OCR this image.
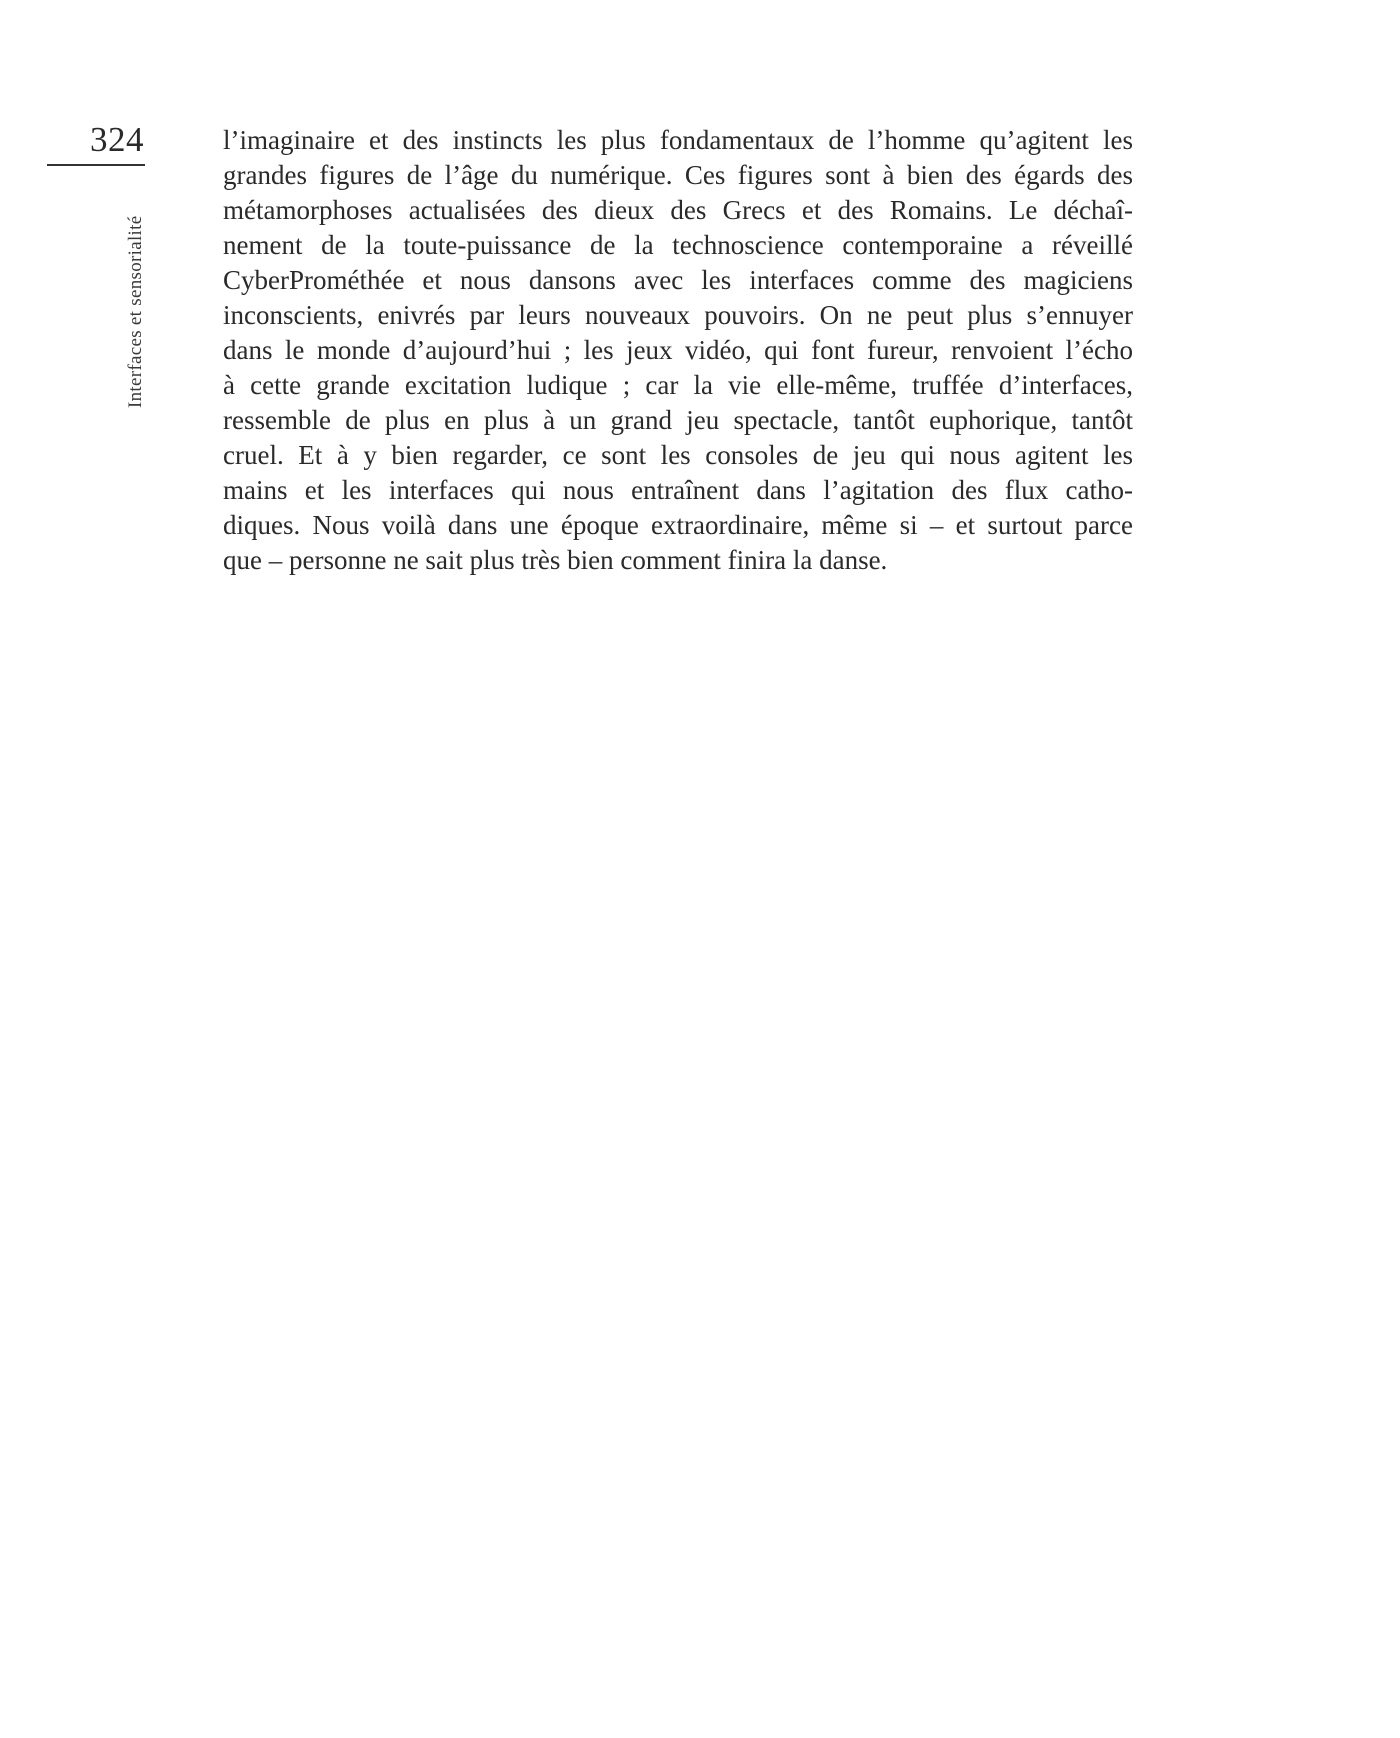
324
Interfaces et sensorialité
l’imaginaire et des instincts les plus fondamentaux de l’homme qu’agitent les
grandes figures de l’âge du numérique. Ces figures sont à bien des égards des
métamorphoses actualisées des dieux des Grecs et des Romains. Le déchaî-
nement de la toute-puissance de la technoscience contemporaine a réveillé
CyberProméthée et nous dansons avec les interfaces comme des magiciens
inconscients, enivrés par leurs nouveaux pouvoirs. On ne peut plus s’ennuyer
dans le monde d’aujourd’hui ; les jeux vidéo, qui font fureur, renvoient l’écho
à cette grande excitation ludique ; car la vie elle-même, truffée d’interfaces,
ressemble de plus en plus à un grand jeu spectacle, tantôt euphorique, tantôt
cruel. Et à y bien regarder, ce sont les consoles de jeu qui nous agitent les
mains et les interfaces qui nous entraînent dans l’agitation des flux catho-
diques. Nous voilà dans une époque extraordinaire, même si – et surtout parce
que – personne ne sait plus très bien comment finira la danse.
